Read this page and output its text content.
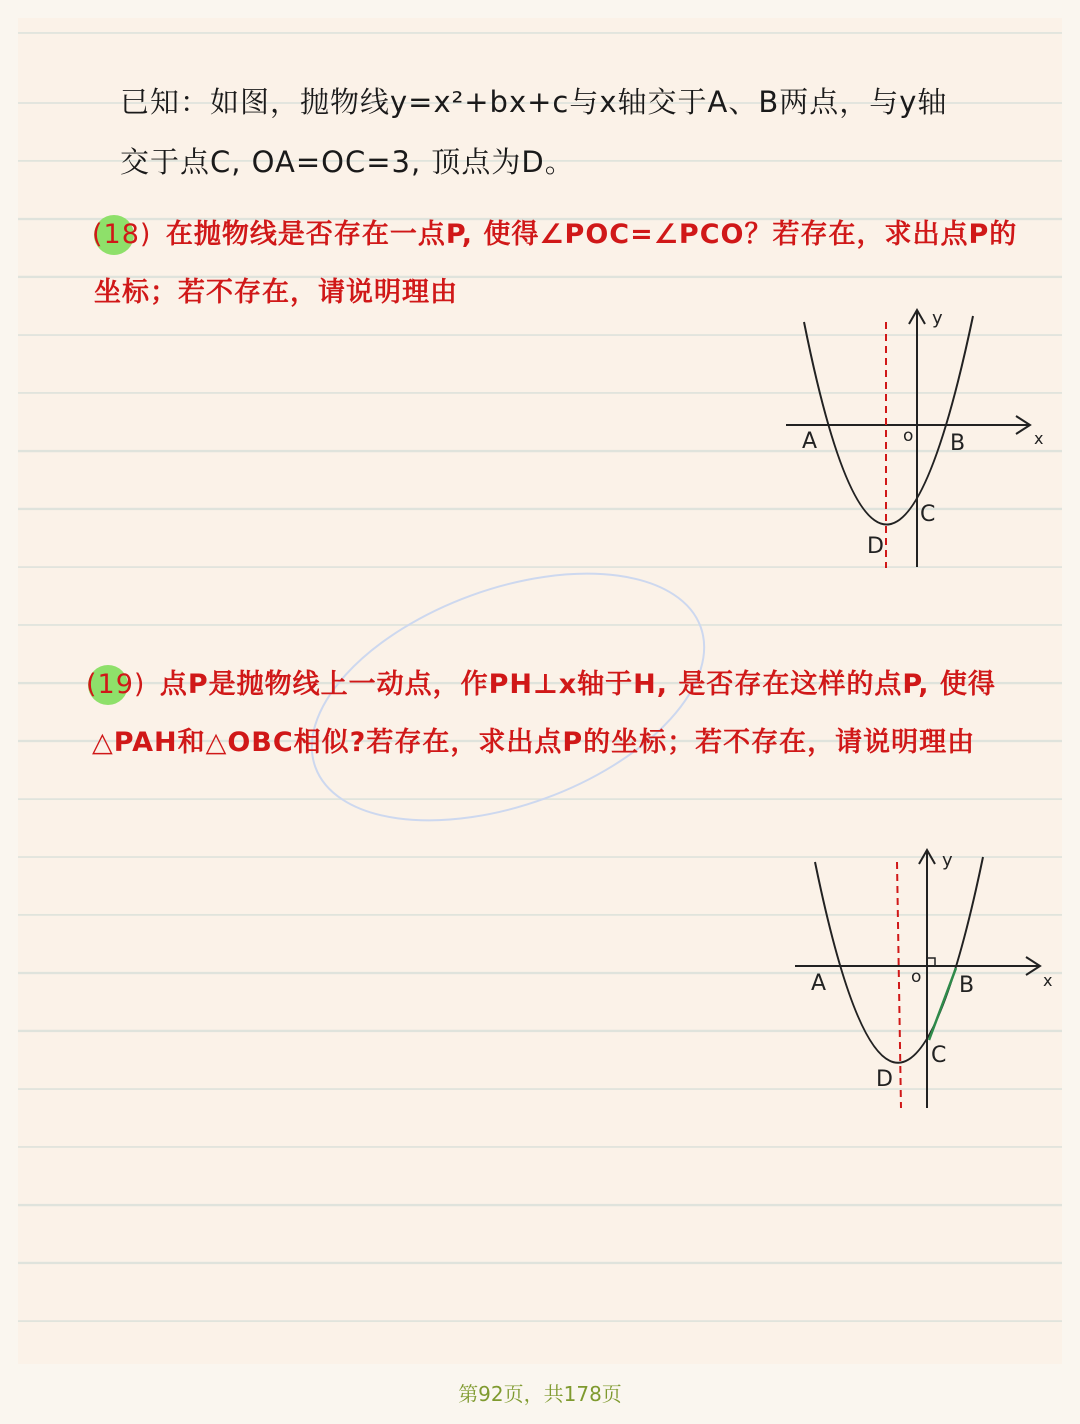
已知：如图，抛物线y=x²+bx+c与x轴交于A、B两点，与y轴
交于点C, OA=OC=3, 顶点为D。
(18) 在抛物线是否存在一点P, 使得∠POC=∠PCO？若存在，求出点P的
坐标；若不存在，请说明理由
(19) 点P是抛物线上一动点，作PH⊥x轴于H, 是否存在这样的点P, 使得
△PAH和△OBC相似?若存在，求出点P的坐标；若不存在，请说明理由
y
x
A	B
o
C
D
y
x
A	B
o
C
D
第92页，共178页
